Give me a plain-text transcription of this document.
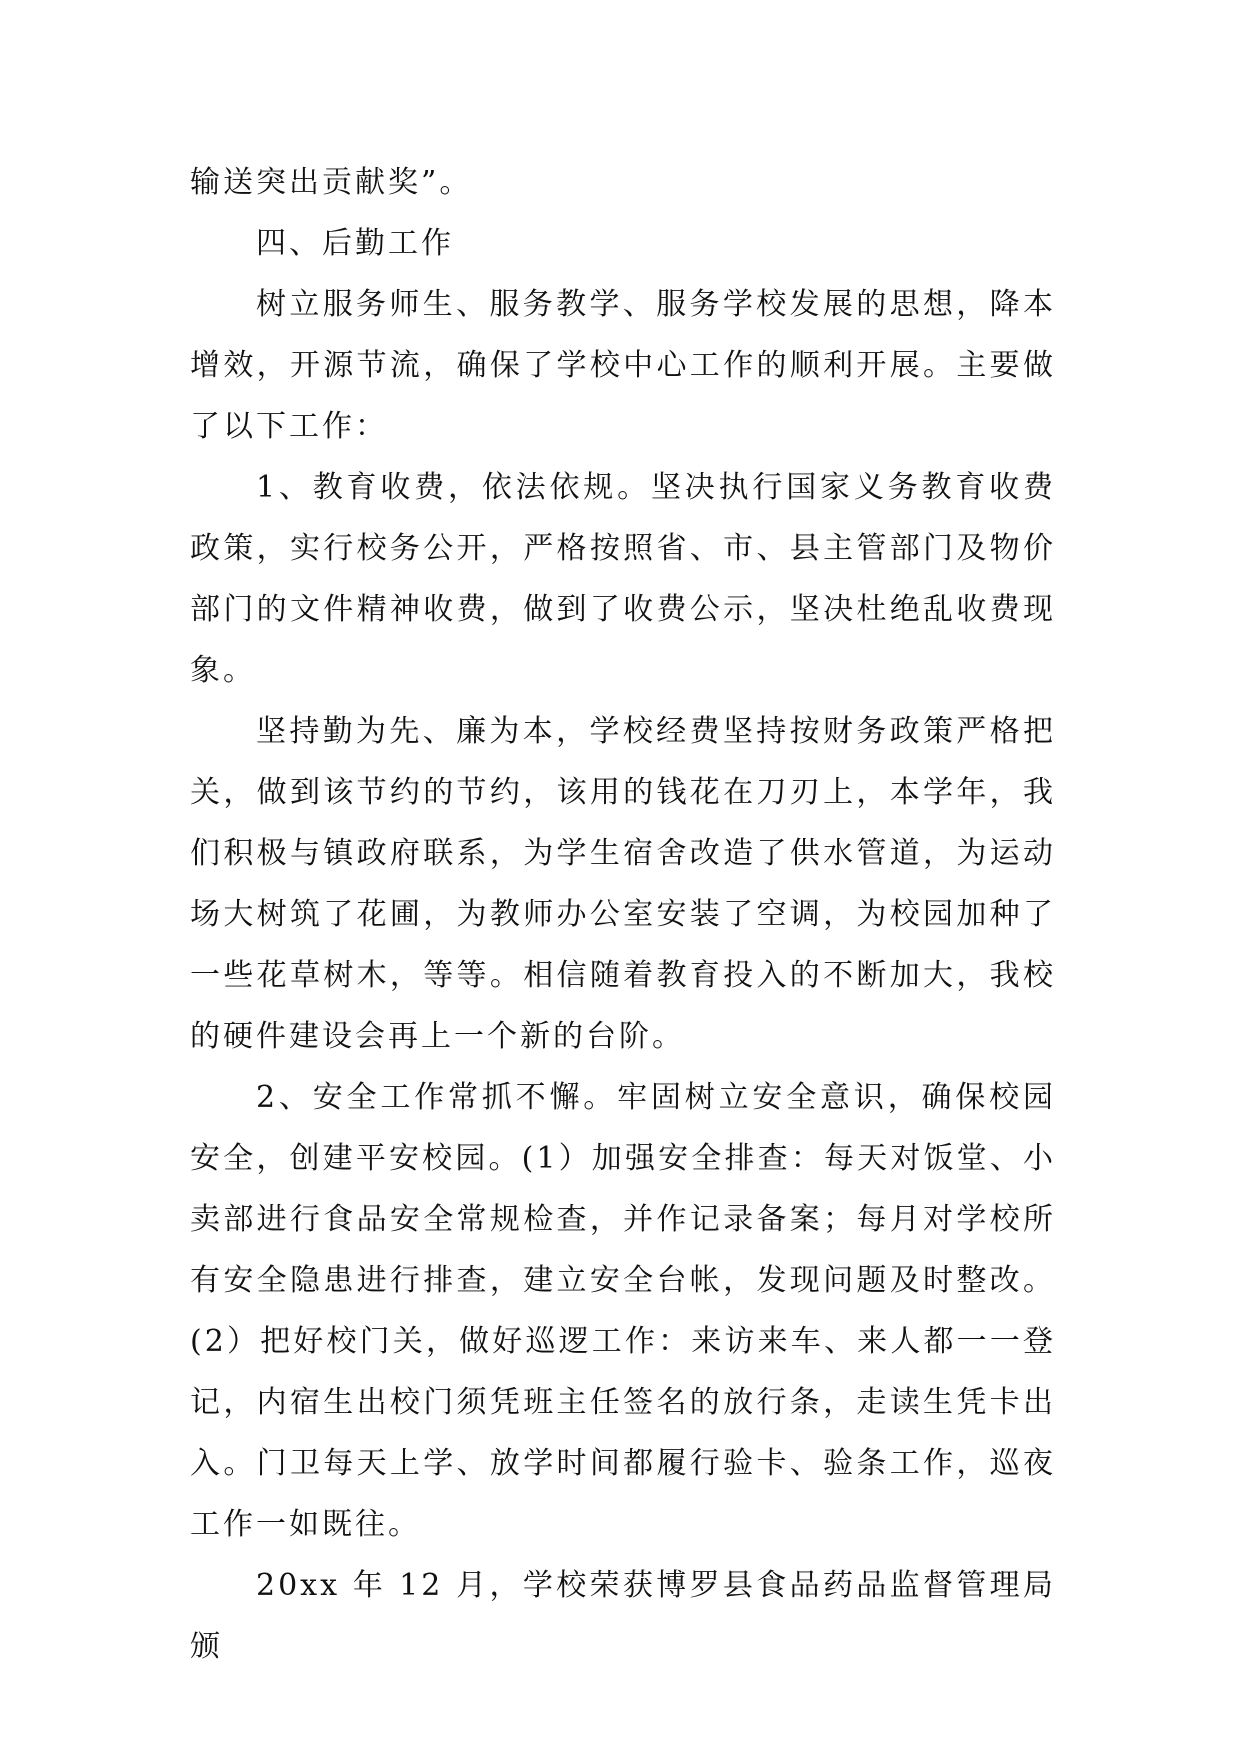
输送突出贡献奖”。

四、后勤工作

树立服务师生、服务教学、服务学校发展的思想，降本增效，开源节流，确保了学校中心工作的顺利开展。主要做了以下工作：

1、教育收费，依法依规。坚决执行国家义务教育收费政策，实行校务公开，严格按照省、市、县主管部门及物价部门的文件精神收费，做到了收费公示，坚决杜绝乱收费现象。

坚持勤为先、廉为本，学校经费坚持按财务政策严格把关，做到该节约的节约，该用的钱花在刀刃上，本学年，我们积极与镇政府联系，为学生宿舍改造了供水管道，为运动场大树筑了花圃，为教师办公室安装了空调，为校园加种了一些花草树木，等等。相信随着教育投入的不断加大，我校的硬件建设会再上一个新的台阶。

2、安全工作常抓不懈。牢固树立安全意识，确保校园安全，创建平安校园。(1）加强安全排查：每天对饭堂、小卖部进行食品安全常规检查，并作记录备案；每月对学校所有安全隐患进行排查，建立安全台帐，发现问题及时整改。(2）把好校门关，做好巡逻工作：来访来车、来人都一一登记，内宿生出校门须凭班主任签名的放行条，走读生凭卡出入。门卫每天上学、放学时间都履行验卡、验条工作，巡夜工作一如既往。

20xx 年 12 月，学校荣获博罗县食品药品监督管理局颁
